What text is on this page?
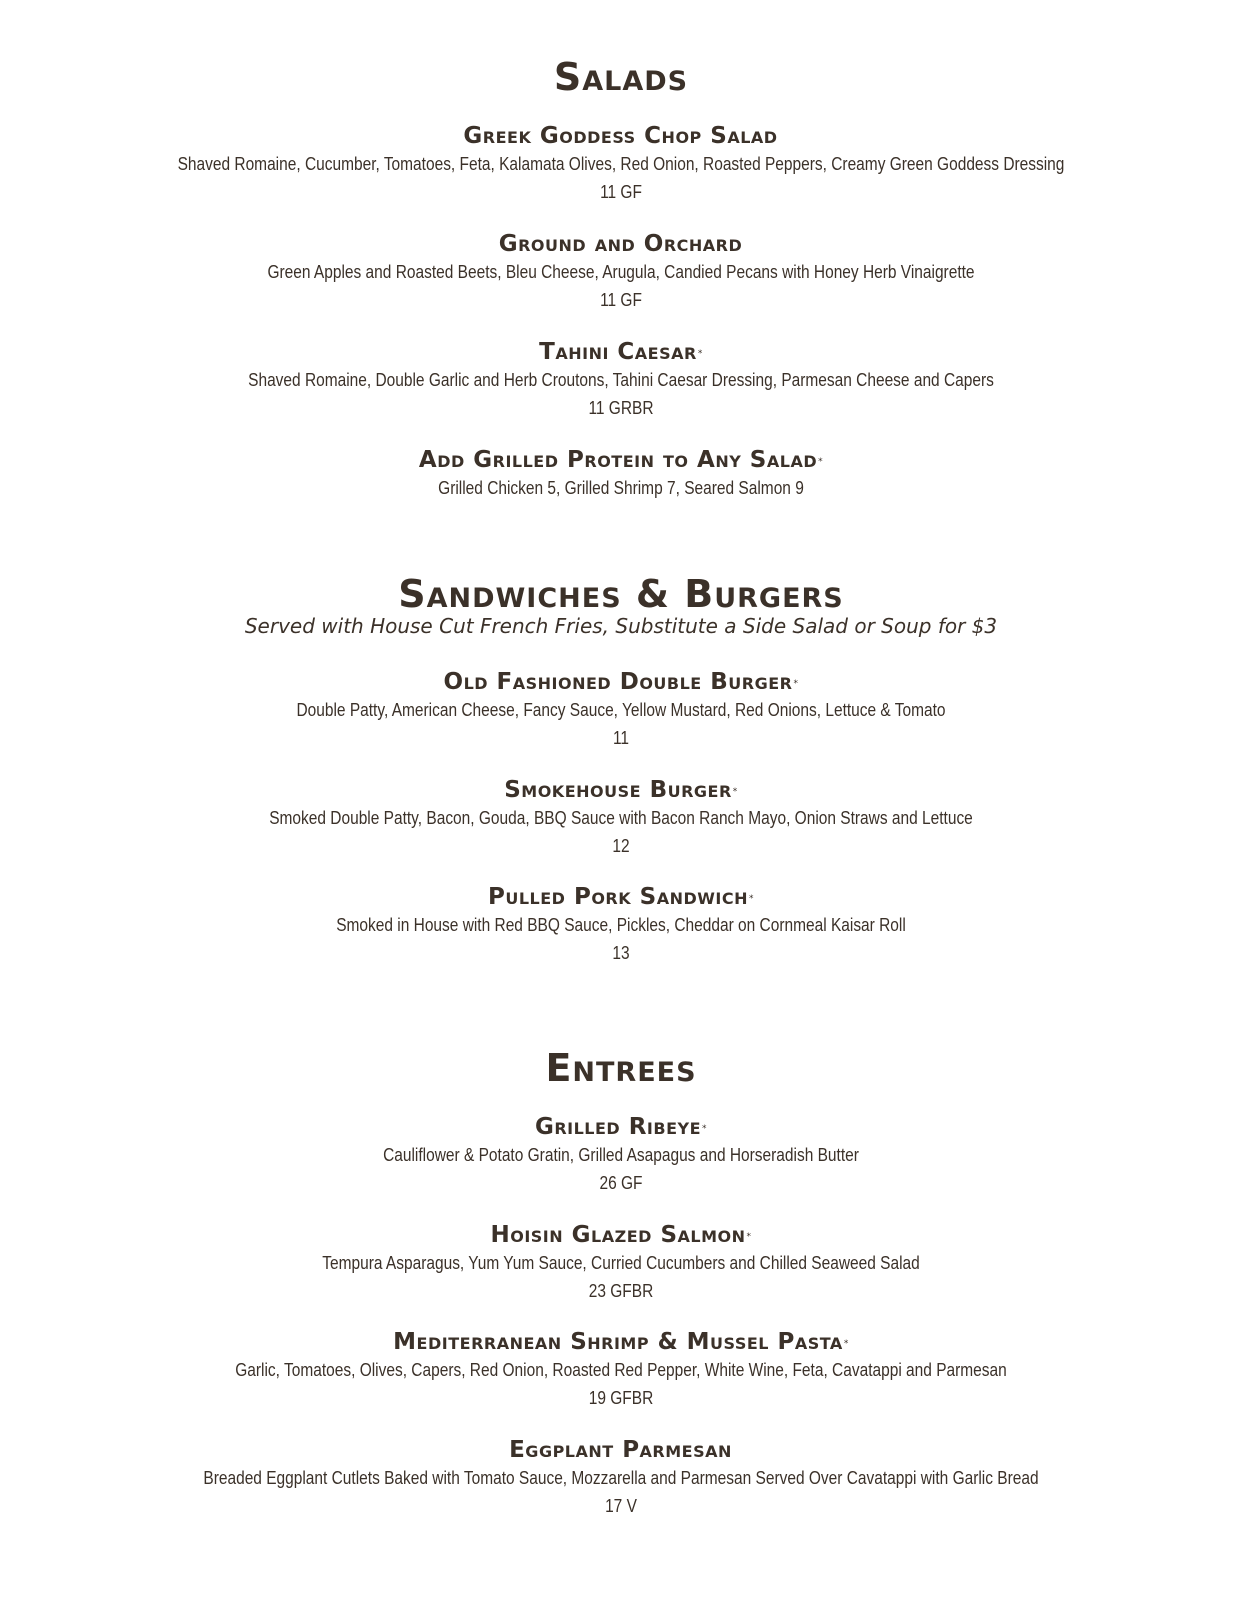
Salads
Greek Goddess Chop Salad
Shaved Romaine, Cucumber, Tomatoes, Feta, Kalamata Olives, Red Onion, Roasted Peppers, Creamy Green Goddess Dressing
11 GF
Ground and Orchard
Green Apples and Roasted Beets, Bleu Cheese, Arugula, Candied Pecans with Honey Herb Vinaigrette
11 GF
Tahini Caesar*
Shaved Romaine, Double Garlic and Herb Croutons, Tahini Caesar Dressing, Parmesan Cheese and Capers
11 GRBR
Add Grilled Protein to Any Salad*
Grilled Chicken 5, Grilled Shrimp 7, Seared Salmon 9
Sandwiches & Burgers

Served with House Cut French Fries, Substitute a Side Salad or Soup for $3

Old Fashioned Double Burger*
Double Patty, American Cheese, Fancy Sauce, Yellow Mustard, Red Onions, Lettuce & Tomato
11
Smokehouse Burger*
Smoked Double Patty, Bacon, Gouda, BBQ Sauce with Bacon Ranch Mayo, Onion Straws and Lettuce
12
Pulled Pork Sandwich*
Smoked in House with Red BBQ Sauce, Pickles, Cheddar on Cornmeal Kaisar Roll
13
Entrees
Grilled Ribeye*
Cauliflower & Potato Gratin, Grilled Asapagus and Horseradish Butter
26 GF
Hoisin Glazed Salmon*
Tempura Asparagus, Yum Yum Sauce, Curried Cucumbers and Chilled Seaweed Salad
23 GFBR
Mediterranean Shrimp & Mussel Pasta*
Garlic, Tomatoes, Olives, Capers, Red Onion, Roasted Red Pepper, White Wine, Feta, Cavatappi and Parmesan
19 GFBR
Eggplant Parmesan
Breaded Eggplant Cutlets Baked with Tomato Sauce, Mozzarella and Parmesan Served Over Cavatappi with Garlic Bread
17 V
